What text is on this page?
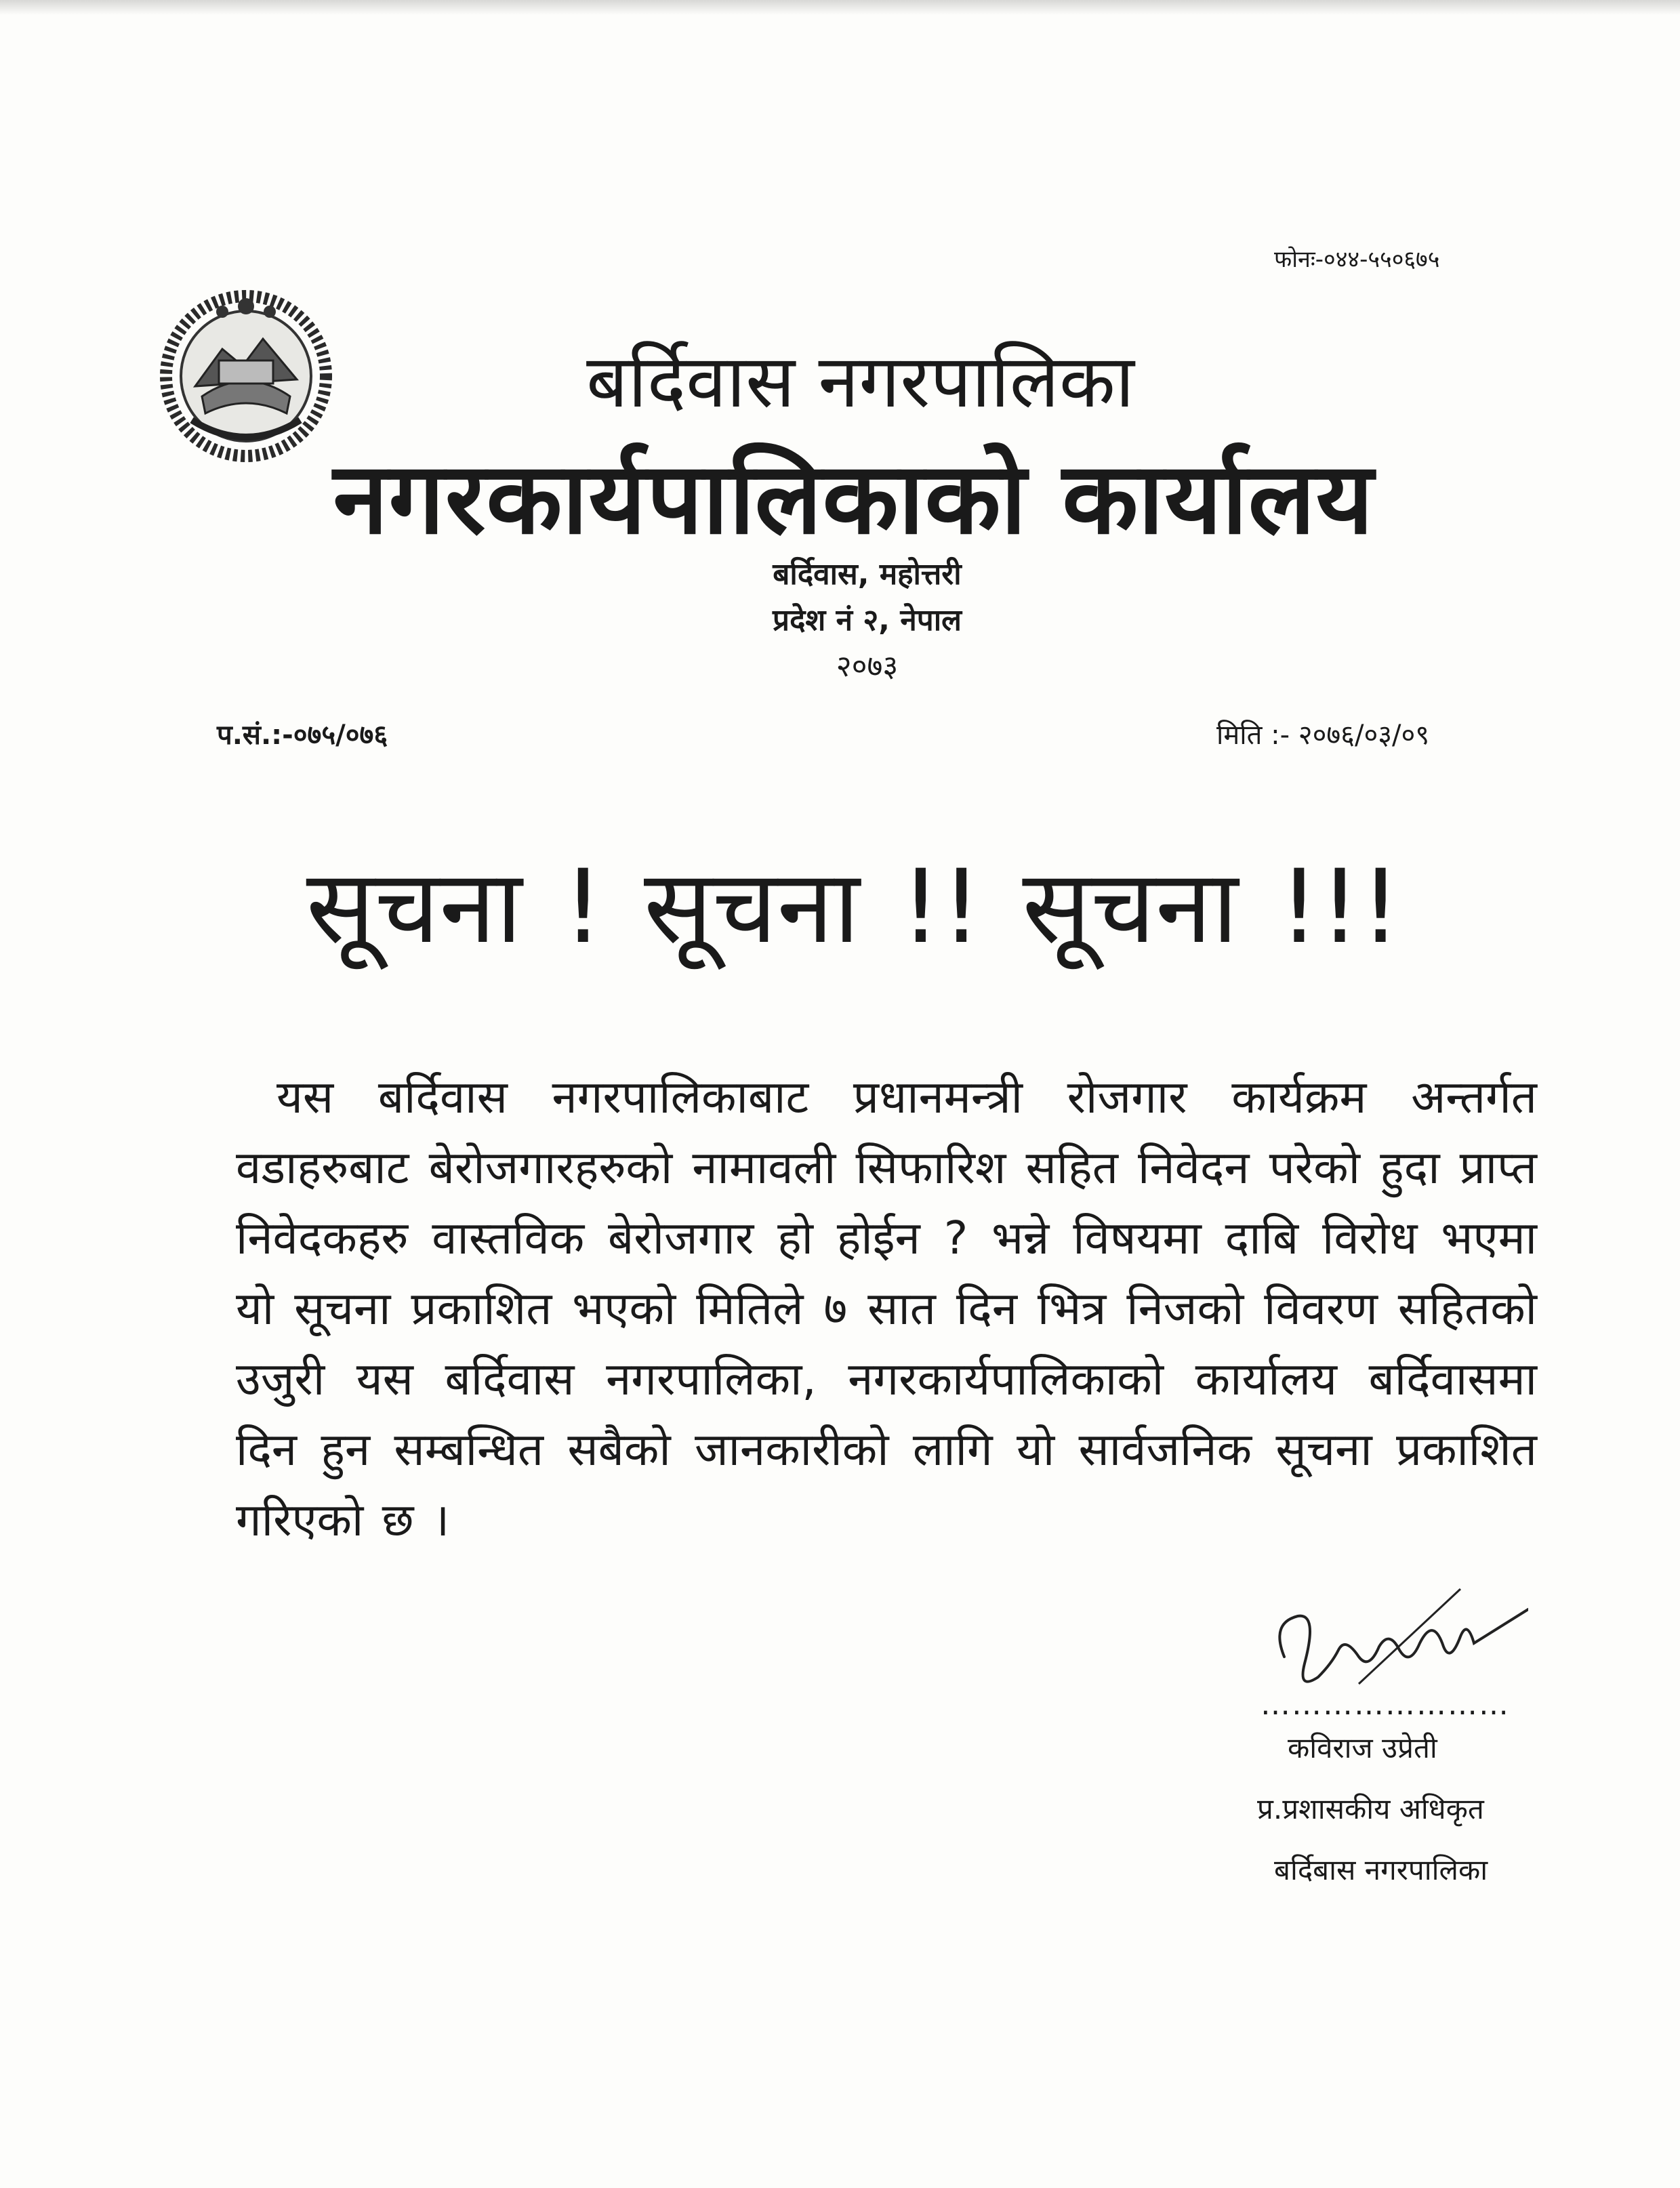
फोनः-०४४-५५०६७५
बर्दिवास नगरपालिका
नगरकार्यपालिकाको कार्यालय
बर्दिवास, महोत्तरी
प्रदेश नं २, नेपाल
२०७३
प.सं.:-०७५/०७६	मिति :- २०७६/०३/०९
सूचना ! सूचना !! सूचना !!!

यस बर्दिवास नगरपालिकाबाट प्रधानमन्त्री रोजगार कार्यक्रम अन्तर्गत वडाहरुबाट बेरोजगारहरुको नामावली सिफारिश सहित निवेदन परेको हुदा प्राप्त निवेदकहरु वास्तविक बेरोजगार हो होईन ? भन्ने विषयमा दाबि विरोध भएमा यो सूचना प्रकाशित भएको मितिले ७ सात दिन भित्र निजको विवरण सहितको उजुरी यस बर्दिवास नगरपालिका, नगरकार्यपालिकाको कार्यालय बर्दिवासमा दिन हुन सम्बन्धित सबैको जानकारीको लागि यो सार्वजनिक सूचना प्रकाशित गरिएको छ ।

……………………
कविराज उप्रेती
प्र.प्रशासकीय अधिकृत
बर्दिबास नगरपालिका
